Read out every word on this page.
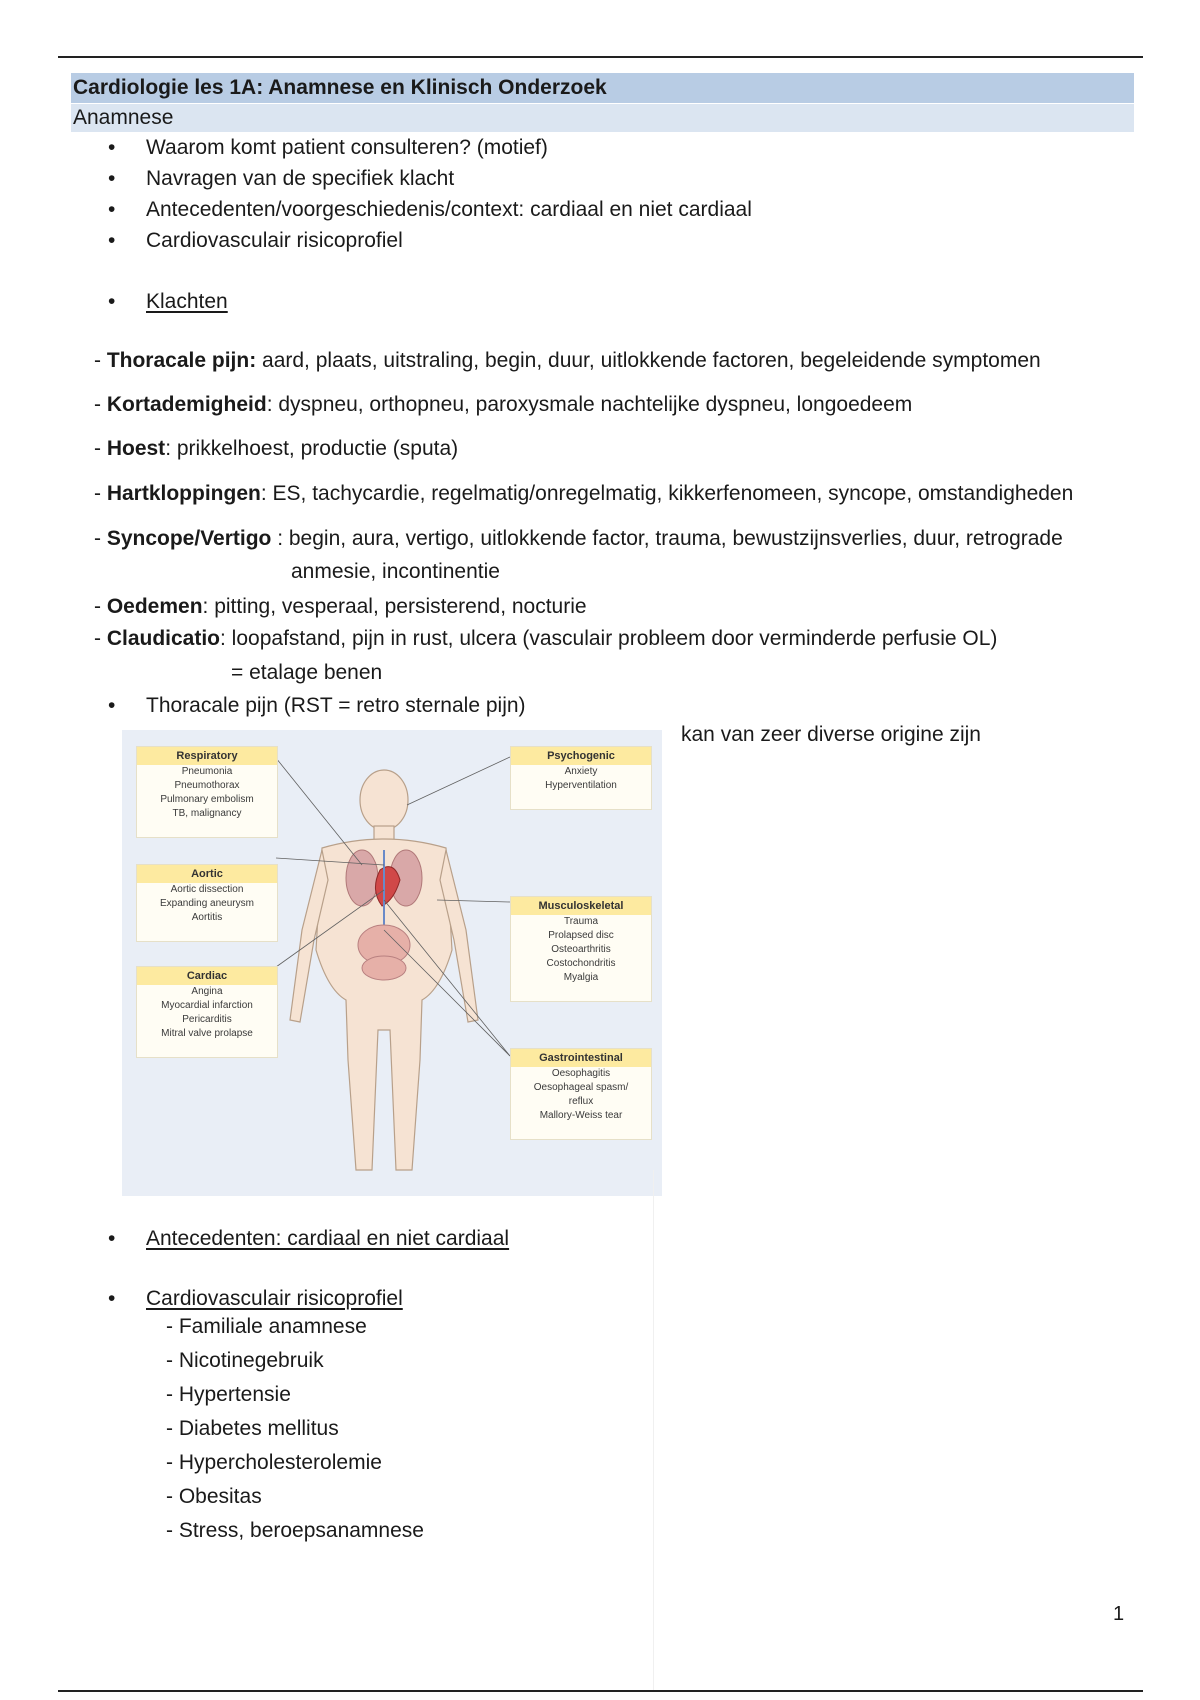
Cardiologie les 1A: Anamnese en Klinisch Onderzoek
Anamnese
• Waarom komt patient consulteren? (motief)
• Navragen van de specifiek klacht
• Antecedenten/voorgeschiedenis/context: cardiaal en niet cardiaal
• Cardiovasculair risicoprofiel
• Klachten
- Thoracale pijn: aard, plaats, uitstraling, begin, duur, uitlokkende factoren, begeleidende symptomen
- Kortademigheid: dyspneu, orthopneu, paroxysmale nachtelijke dyspneu, longoedeem
- Hoest: prikkelhoest, productie (sputa)
- Hartkloppingen: ES, tachycardie, regelmatig/onregelmatig, kikkerfenomeen, syncope, omstandigheden
- Syncope/Vertigo : begin, aura, vertigo, uitlokkende factor, trauma, bewustzijnsverlies, duur, retrograde
anmesie, incontinentie
- Oedemen: pitting, vesperaal, persisterend, nocturie
- Claudicatio: loopafstand, pijn in rust, ulcera (vasculair probleem door verminderde perfusie OL)
= etalage benen
• Thoracale pijn (RST = retro sternale pijn)
kan van zeer diverse origine zijn
Respiratory
Pneumonia
Pneumothorax
Pulmonary embolism
TB, malignancy
Aortic
Aortic dissection
Expanding aneurysm
Aortitis
Cardiac
Angina
Myocardial infarction
Pericarditis
Mitral valve prolapse
Psychogenic
Anxiety
Hyperventilation
Musculoskeletal
Trauma
Prolapsed disc
Osteoarthritis
Costochondritis
Myalgia
Gastrointestinal
Oesophagitis
Oesophageal spasm/
reflux
Mallory-Weiss tear
• Antecedenten: cardiaal en niet cardiaal
• Cardiovasculair risicoprofiel
- Familiale anamnese
- Nicotinegebruik
- Hypertensie
- Diabetes mellitus
- Hypercholesterolemie
- Obesitas
- Stress, beroepsanamnese
1
